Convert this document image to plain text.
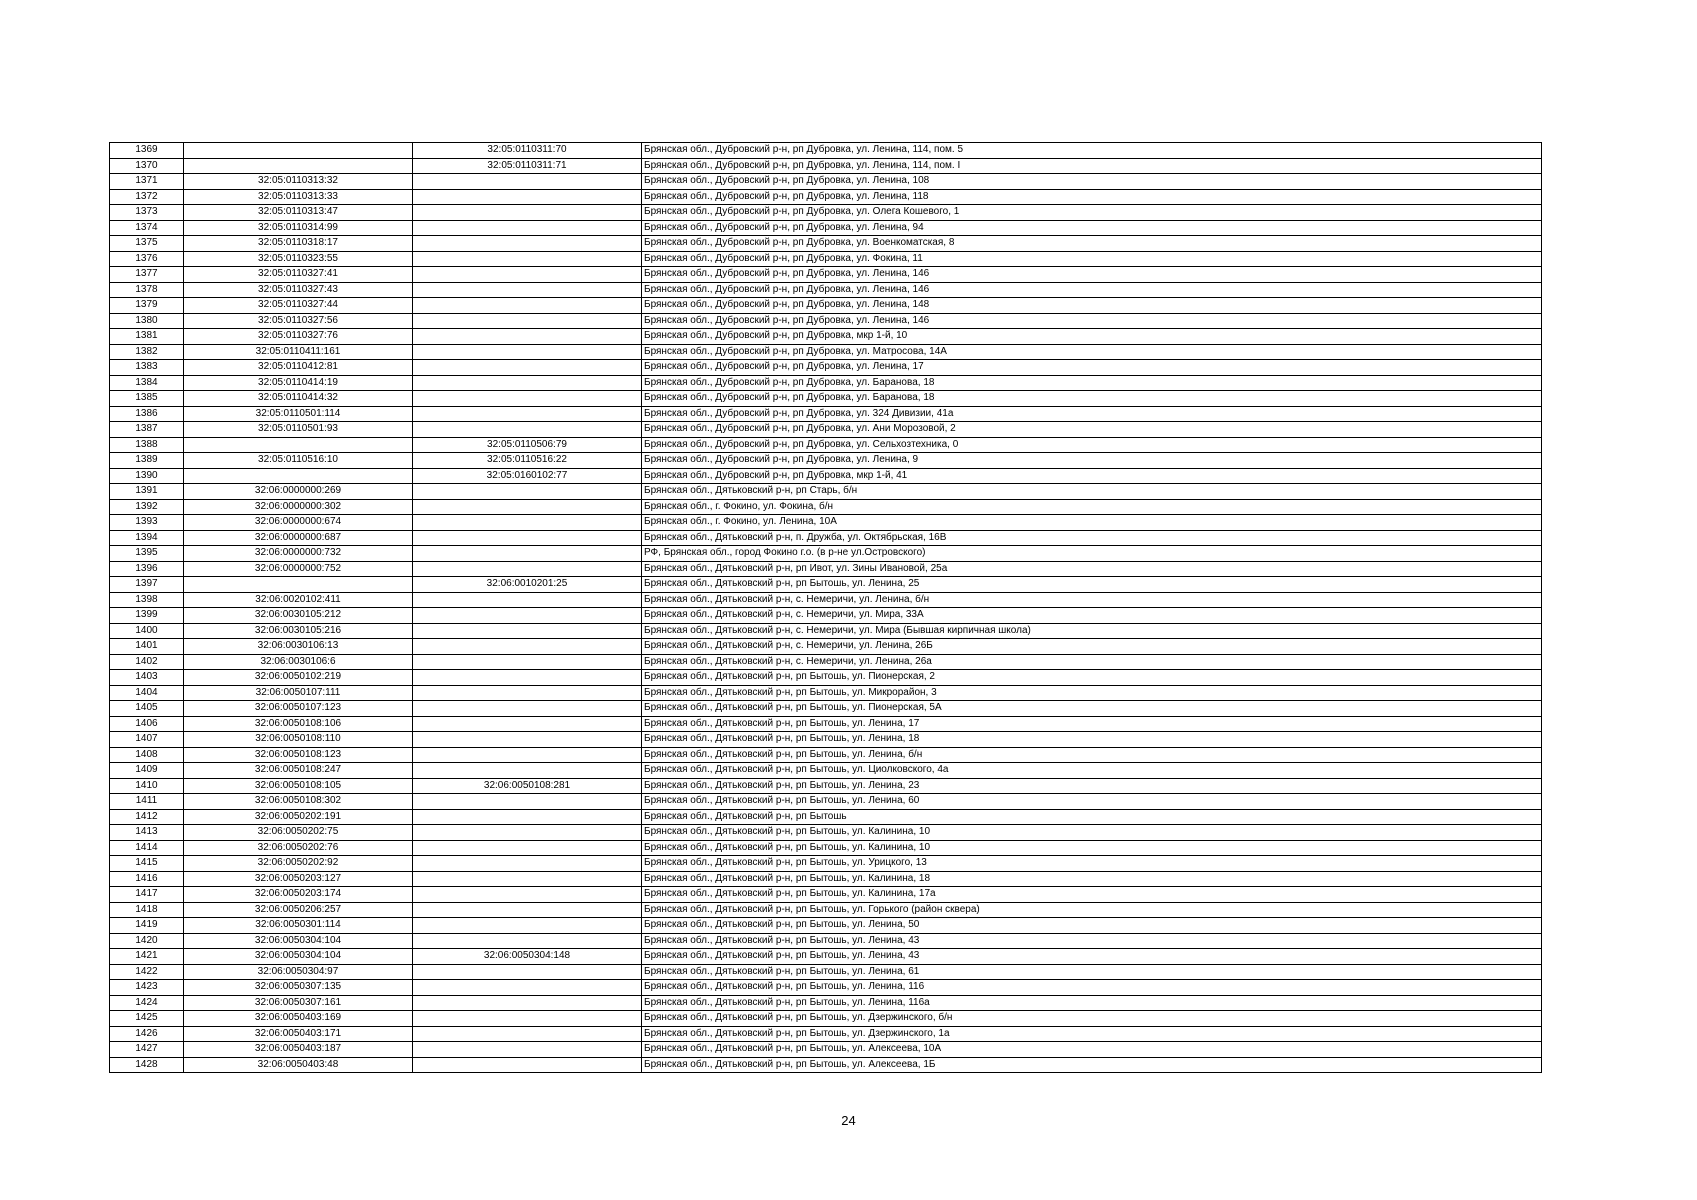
1369		32:05:0110311:70	Брянская обл., Дубровский р-н, рп Дубровка, ул. Ленина, 114, пом. 5
1370		32:05:0110311:71	Брянская обл., Дубровский р-н, рп Дубровка, ул. Ленина, 114, пом. I
1371	32:05:0110313:32		Брянская обл., Дубровский р-н, рп Дубровка, ул. Ленина, 108
1372	32:05:0110313:33		Брянская обл., Дубровский р-н, рп Дубровка, ул. Ленина, 118
1373	32:05:0110313:47		Брянская обл., Дубровский р-н, рп Дубровка, ул. Олега Кошевого, 1
1374	32:05:0110314:99		Брянская обл., Дубровский р-н, рп Дубровка, ул. Ленина, 94
1375	32:05:0110318:17		Брянская обл., Дубровский р-н, рп Дубровка, ул. Военкоматская, 8
1376	32:05:0110323:55		Брянская обл., Дубровский р-н, рп Дубровка, ул. Фокина, 11
1377	32:05:0110327:41		Брянская обл., Дубровский р-н, рп Дубровка, ул. Ленина, 146
1378	32:05:0110327:43		Брянская обл., Дубровский р-н, рп Дубровка, ул. Ленина, 146
1379	32:05:0110327:44		Брянская обл., Дубровский р-н, рп Дубровка, ул. Ленина, 148
1380	32:05:0110327:56		Брянская обл., Дубровский р-н, рп Дубровка, ул. Ленина, 146
1381	32:05:0110327:76		Брянская обл., Дубровский р-н, рп Дубровка, мкр 1-й, 10
1382	32:05:0110411:161		Брянская обл., Дубровский р-н, рп Дубровка, ул. Матросова, 14А
1383	32:05:0110412:81		Брянская обл., Дубровский р-н, рп Дубровка, ул. Ленина, 17
1384	32:05:0110414:19		Брянская обл., Дубровский р-н, рп Дубровка, ул. Баранова, 18
1385	32:05:0110414:32		Брянская обл., Дубровский р-н, рп Дубровка, ул. Баранова, 18
1386	32:05:0110501:114		Брянская обл., Дубровский р-н, рп Дубровка, ул. 324 Дивизии, 41а
1387	32:05:0110501:93		Брянская обл., Дубровский р-н, рп Дубровка, ул. Ани Морозовой, 2
1388		32:05:0110506:79	Брянская обл., Дубровский р-н, рп Дубровка, ул. Сельхозтехника, 0
1389	32:05:0110516:10	32:05:0110516:22	Брянская обл., Дубровский р-н, рп Дубровка, ул. Ленина, 9
1390		32:05:0160102:77	Брянская обл., Дубровский р-н, рп Дубровка, мкр 1-й, 41
1391	32:06:0000000:269		Брянская обл., Дятьковский р-н, рп Старь, б/н
1392	32:06:0000000:302		Брянская обл., г. Фокино, ул. Фокина, б/н
1393	32:06:0000000:674		Брянская обл., г. Фокино, ул. Ленина, 10А
1394	32:06:0000000:687		Брянская обл., Дятьковский р-н, п. Дружба, ул. Октябрьская, 16В
1395	32:06:0000000:732		РФ, Брянская обл., город Фокино г.о. (в р-не ул.Островского)
1396	32:06:0000000:752		Брянская обл., Дятьковский р-н, рп Ивот, ул. Зины Ивановой, 25а
1397		32:06:0010201:25	Брянская обл., Дятьковский р-н, рп Бытошь, ул. Ленина, 25
1398	32:06:0020102:411		Брянская обл., Дятьковский р-н, с. Немеричи, ул. Ленина, б/н
1399	32:06:0030105:212		Брянская обл., Дятьковский р-н, с. Немеричи, ул. Мира, 33А
1400	32:06:0030105:216		Брянская обл., Дятьковский р-н, с. Немеричи, ул. Мира (Бывшая кирпичная школа)
1401	32:06:0030106:13		Брянская обл., Дятьковский р-н, с. Немеричи, ул. Ленина, 26Б
1402	32:06:0030106:6		Брянская обл., Дятьковский р-н, с. Немеричи, ул. Ленина, 26а
1403	32:06:0050102:219		Брянская обл., Дятьковский р-н, рп Бытошь, ул. Пионерская, 2
1404	32:06:0050107:111		Брянская обл., Дятьковский р-н, рп Бытошь, ул. Микрорайон, 3
1405	32:06:0050107:123		Брянская обл., Дятьковский р-н, рп Бытошь, ул. Пионерская, 5А
1406	32:06:0050108:106		Брянская обл., Дятьковский р-н, рп Бытошь, ул. Ленина, 17
1407	32:06:0050108:110		Брянская обл., Дятьковский р-н, рп Бытошь, ул. Ленина, 18
1408	32:06:0050108:123		Брянская обл., Дятьковский р-н, рп Бытошь, ул. Ленина, б/н
1409	32:06:0050108:247		Брянская обл., Дятьковский р-н, рп Бытошь, ул. Циолковского, 4а
1410	32:06:0050108:105	32:06:0050108:281	Брянская обл., Дятьковский р-н, рп Бытошь, ул. Ленина, 23
1411	32:06:0050108:302		Брянская обл., Дятьковский р-н, рп Бытошь, ул. Ленина, 60
1412	32:06:0050202:191		Брянская обл., Дятьковский р-н, рп Бытошь
1413	32:06:0050202:75		Брянская обл., Дятьковский р-н, рп Бытошь, ул. Калинина, 10
1414	32:06:0050202:76		Брянская обл., Дятьковский р-н, рп Бытошь, ул. Калинина, 10
1415	32:06:0050202:92		Брянская обл., Дятьковский р-н, рп Бытошь, ул. Урицкого, 13
1416	32:06:0050203:127		Брянская обл., Дятьковский р-н, рп Бытошь, ул. Калинина, 18
1417	32:06:0050203:174		Брянская обл., Дятьковский р-н, рп Бытошь, ул. Калинина, 17а
1418	32:06:0050206:257		Брянская обл., Дятьковский р-н, рп Бытошь, ул. Горького (район сквера)
1419	32:06:0050301:114		Брянская обл., Дятьковский р-н, рп Бытошь, ул. Ленина, 50
1420	32:06:0050304:104		Брянская обл., Дятьковский р-н, рп Бытошь, ул. Ленина, 43
1421	32:06:0050304:104	32:06:0050304:148	Брянская обл., Дятьковский р-н, рп Бытошь, ул. Ленина, 43
1422	32:06:0050304:97		Брянская обл., Дятьковский р-н, рп Бытошь, ул. Ленина, 61
1423	32:06:0050307:135		Брянская обл., Дятьковский р-н, рп Бытошь, ул. Ленина, 116
1424	32:06:0050307:161		Брянская обл., Дятьковский р-н, рп Бытошь, ул. Ленина, 116а
1425	32:06:0050403:169		Брянская обл., Дятьковский р-н, рп Бытошь, ул. Дзержинского, б/н
1426	32:06:0050403:171		Брянская обл., Дятьковский р-н, рп Бытошь, ул. Дзержинского, 1а
1427	32:06:0050403:187		Брянская обл., Дятьковский р-н, рп Бытошь, ул. Алексеева, 10А
1428	32:06:0050403:48		Брянская обл., Дятьковский р-н, рп Бытошь, ул. Алексеева, 1Б
24
